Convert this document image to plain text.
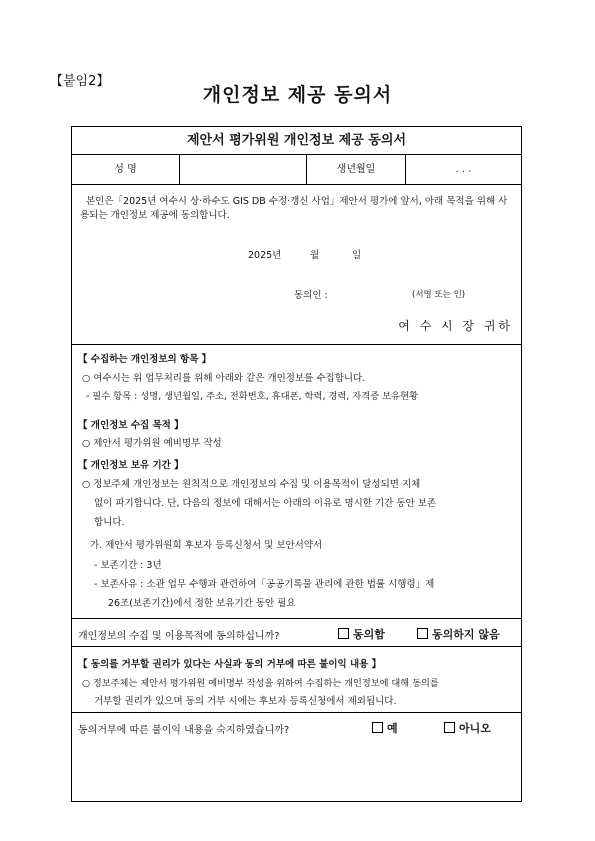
【붙임2】
개인정보 제공 동의서
제안서 평가위원 개인정보 제공 동의서
성 명	생년월일	. . .
본인은「2025년 여수시 상·하수도 GIS DB 수정·갱신 사업」제안서 평가에 앞서, 아래 목적을 위해 사용되는 개인정보 제공에 동의합니다.
2025년	월	일
동의인 :	(서명 또는 인)
여 수 시 장 귀하
【 수집하는 개인정보의 항목 】
○ 여수시는 위 업무처리를 위해 아래와 같은 개인정보를 수집합니다.
- 필수 항목 : 성명, 생년월일, 주소, 전화번호, 휴대폰, 학력, 경력, 자격증 보유현황
【 개인정보 수집 목적 】
○ 제안서 평가위원 예비명부 작성
【 개인정보 보유 기간 】
○ 정보주체 개인정보는 원칙적으로 개인정보의 수집 및 이용목적이 달성되면 지체
없이 파기합니다. 단, 다음의 정보에 대해서는 아래의 이유로 명시한 기간 동안 보존
합니다.
가. 제안서 평가위원회 후보자 등록신청서 및 보안서약서
- 보존기간 : 3년
- 보존사유 : 소관 업무 수행과 관련하여「공공기록물 관리에 관한 법률 시행령」제
26조(보존기간)에서 정한 보유기간 동안 필요
개인정보의 수집 및 이용목적에 동의하십니까?	동의함	동의하지 않음
【 동의를 거부할 권리가 있다는 사실과 동의 거부에 따른 불이익 내용 】
○ 정보주체는 제안서 평가위원 예비명부 작성을 위하여 수집하는 개인정보에 대해 동의를
거부할 권리가 있으며 동의 거부 시에는 후보자 등록신청에서 제외됩니다.
동의거부에 따른 불이익 내용을 숙지하였습니까?	예	아니오
